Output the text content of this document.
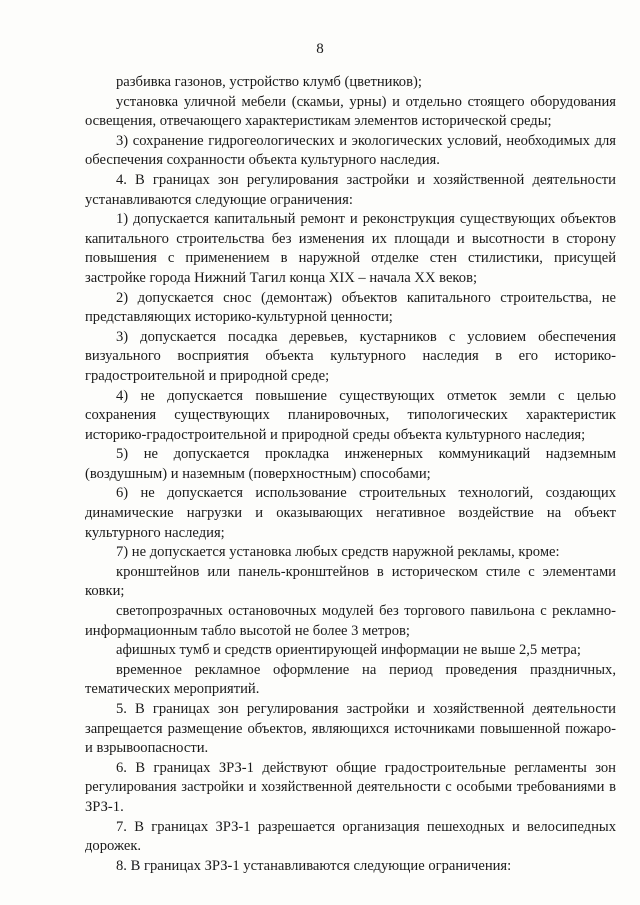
8

разбивка газонов, устройство клумб (цветников);

установка уличной мебели (скамьи, урны) и отдельно стоящего оборудования освещения, отвечающего характеристикам элементов исторической среды;

3) сохранение гидрогеологических и экологических условий, необходимых для обеспечения сохранности объекта культурного наследия.

4. В границах зон регулирования застройки и хозяйственной деятельности устанавливаются следующие ограничения:

1) допускается капитальный ремонт и реконструкция существующих объектов капитального строительства без изменения их площади и высотности в сторону повышения с применением в наружной отделке стен стилистики, присущей застройке города Нижний Тагил конца XIX – начала XX веков;

2) допускается снос (демонтаж) объектов капитального строительства, не представляющих историко-культурной ценности;

3) допускается посадка деревьев, кустарников с условием обеспечения визуального восприятия объекта культурного наследия в его историко-градостроительной и природной среде;

4) не допускается повышение существующих отметок земли с целью сохранения существующих планировочных, типологических характеристик историко-градостроительной и природной среды объекта культурного наследия;

5) не допускается прокладка инженерных коммуникаций надземным (воздушным) и наземным (поверхностным) способами;

6) не допускается использование строительных технологий, создающих динамические нагрузки и оказывающих негативное воздействие на объект культурного наследия;

7) не допускается установка любых средств наружной рекламы, кроме:

кронштейнов или панель-кронштейнов в историческом стиле с элементами ковки;

светопрозрачных остановочных модулей без торгового павильона с рекламно-информационным табло высотой не более 3 метров;

афишных тумб и средств ориентирующей информации не выше 2,5 метра;

временное рекламное оформление на период проведения праздничных, тематических мероприятий.

5. В границах зон регулирования застройки и хозяйственной деятельности запрещается размещение объектов, являющихся источниками повышенной пожаро- и взрывоопасности.

6. В границах ЗРЗ-1 действуют общие градостроительные регламенты зон регулирования застройки и хозяйственной деятельности с особыми требованиями в ЗРЗ-1.

7. В границах ЗРЗ-1 разрешается организация пешеходных и велосипедных дорожек.

8. В границах ЗРЗ-1 устанавливаются следующие ограничения:
